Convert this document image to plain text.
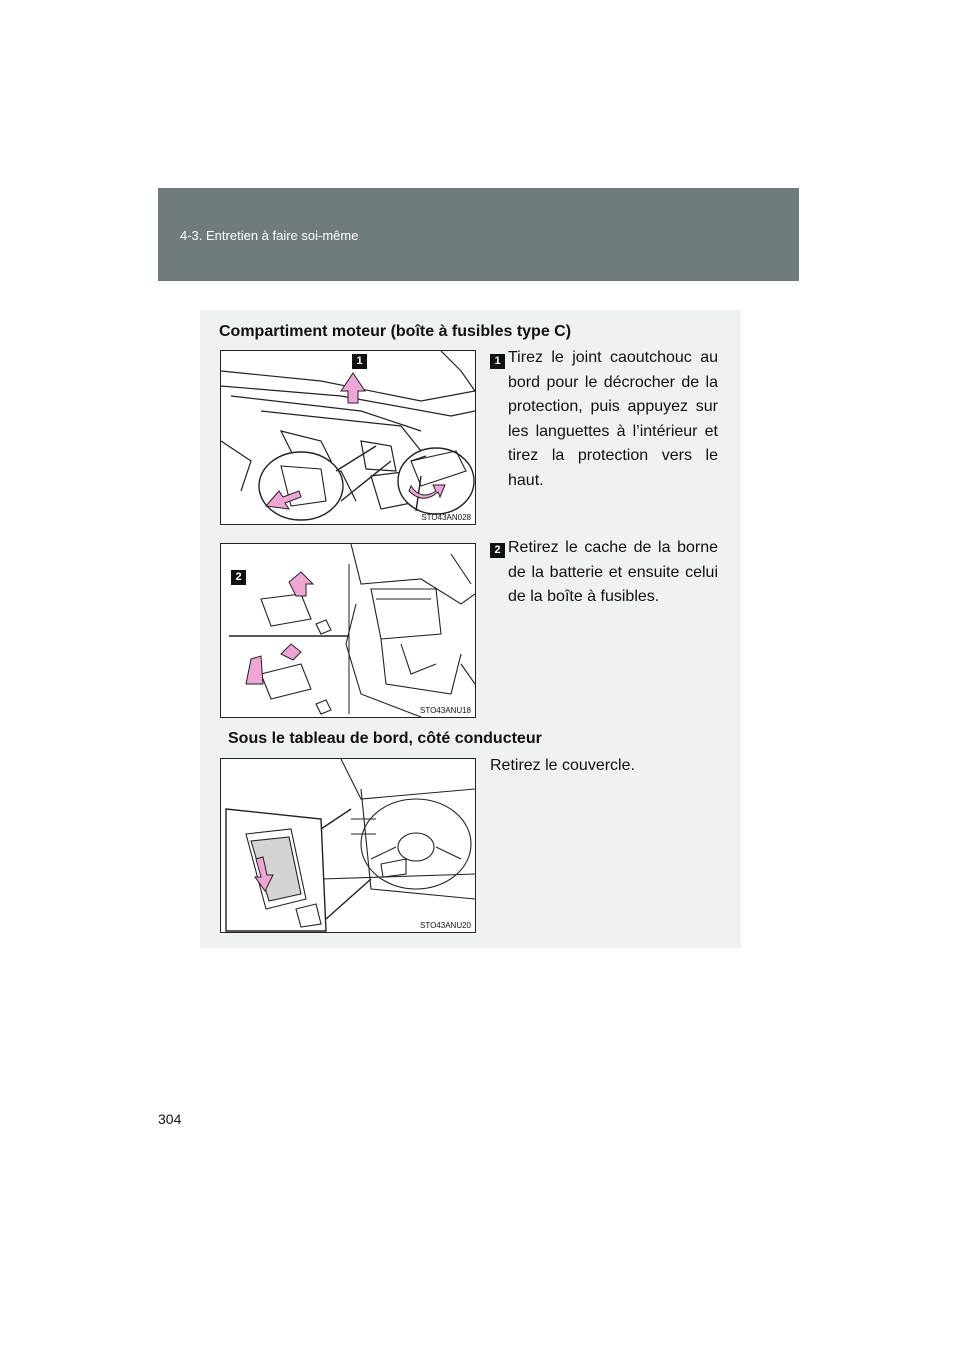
4-3. Entretien à faire soi-même
Compartiment moteur (boîte à fusibles type C)
1
STO43AN028
1 Tirez le joint caoutchouc au bord pour le décrocher de la protection, puis appuyez sur les languettes à l’intérieur et tirez la protection vers le haut.
2
STO43ANU18
2 Retirez le cache de la borne de la batterie et ensuite celui de la boîte à fusibles.
Sous le tableau de bord, côté conducteur
STO43ANU20
Retirez le couvercle.
304
